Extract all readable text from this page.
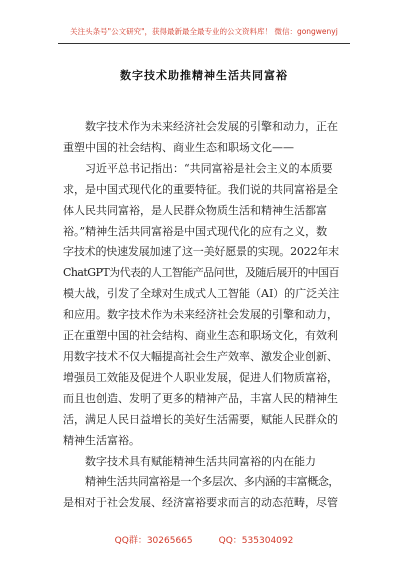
关注头条号"公文研究"，获得最新最全最专业的公文资料库！ 微信：gongwenyj
数字技术助推精神生活共同富裕

数字技术作为未来经济社会发展的引擎和动力，正在

重塑中国的社会结构、商业生态和职场文化——

习近平总书记指出：“共同富裕是社会主义的本质要

求，是中国式现代化的重要特征。我们说的共同富裕是全

体人民共同富裕，是人民群众物质生活和精神生活都富

裕。”精神生活共同富裕是中国式现代化的应有之义，数

字技术的快速发展加速了这一美好愿景的实现。2022年末

ChatGPT为代表的人工智能产品问世，及随后展开的中国百

模大战，引发了全球对生成式人工智能（AI）的广泛关注

和应用。数字技术作为未来经济社会发展的引擎和动力，

正在重塑中国的社会结构、商业生态和职场文化，有效利

用数字技术不仅大幅提高社会生产效率、激发企业创新、

增强员工效能及促进个人职业发展，促进人们物质富裕，

而且也创造、发明了更多的精神产品，丰富人民的精神生

活，满足人民日益增长的美好生活需要，赋能人民群众的

精神生活富裕。

数字技术具有赋能精神生活共同富裕的内在能力

精神生活共同富裕是一个多层次、多内涵的丰富概念，

是相对于社会发展、经济富裕要求而言的动态范畴，尽管

QQ群：30265665	QQ：535304092
